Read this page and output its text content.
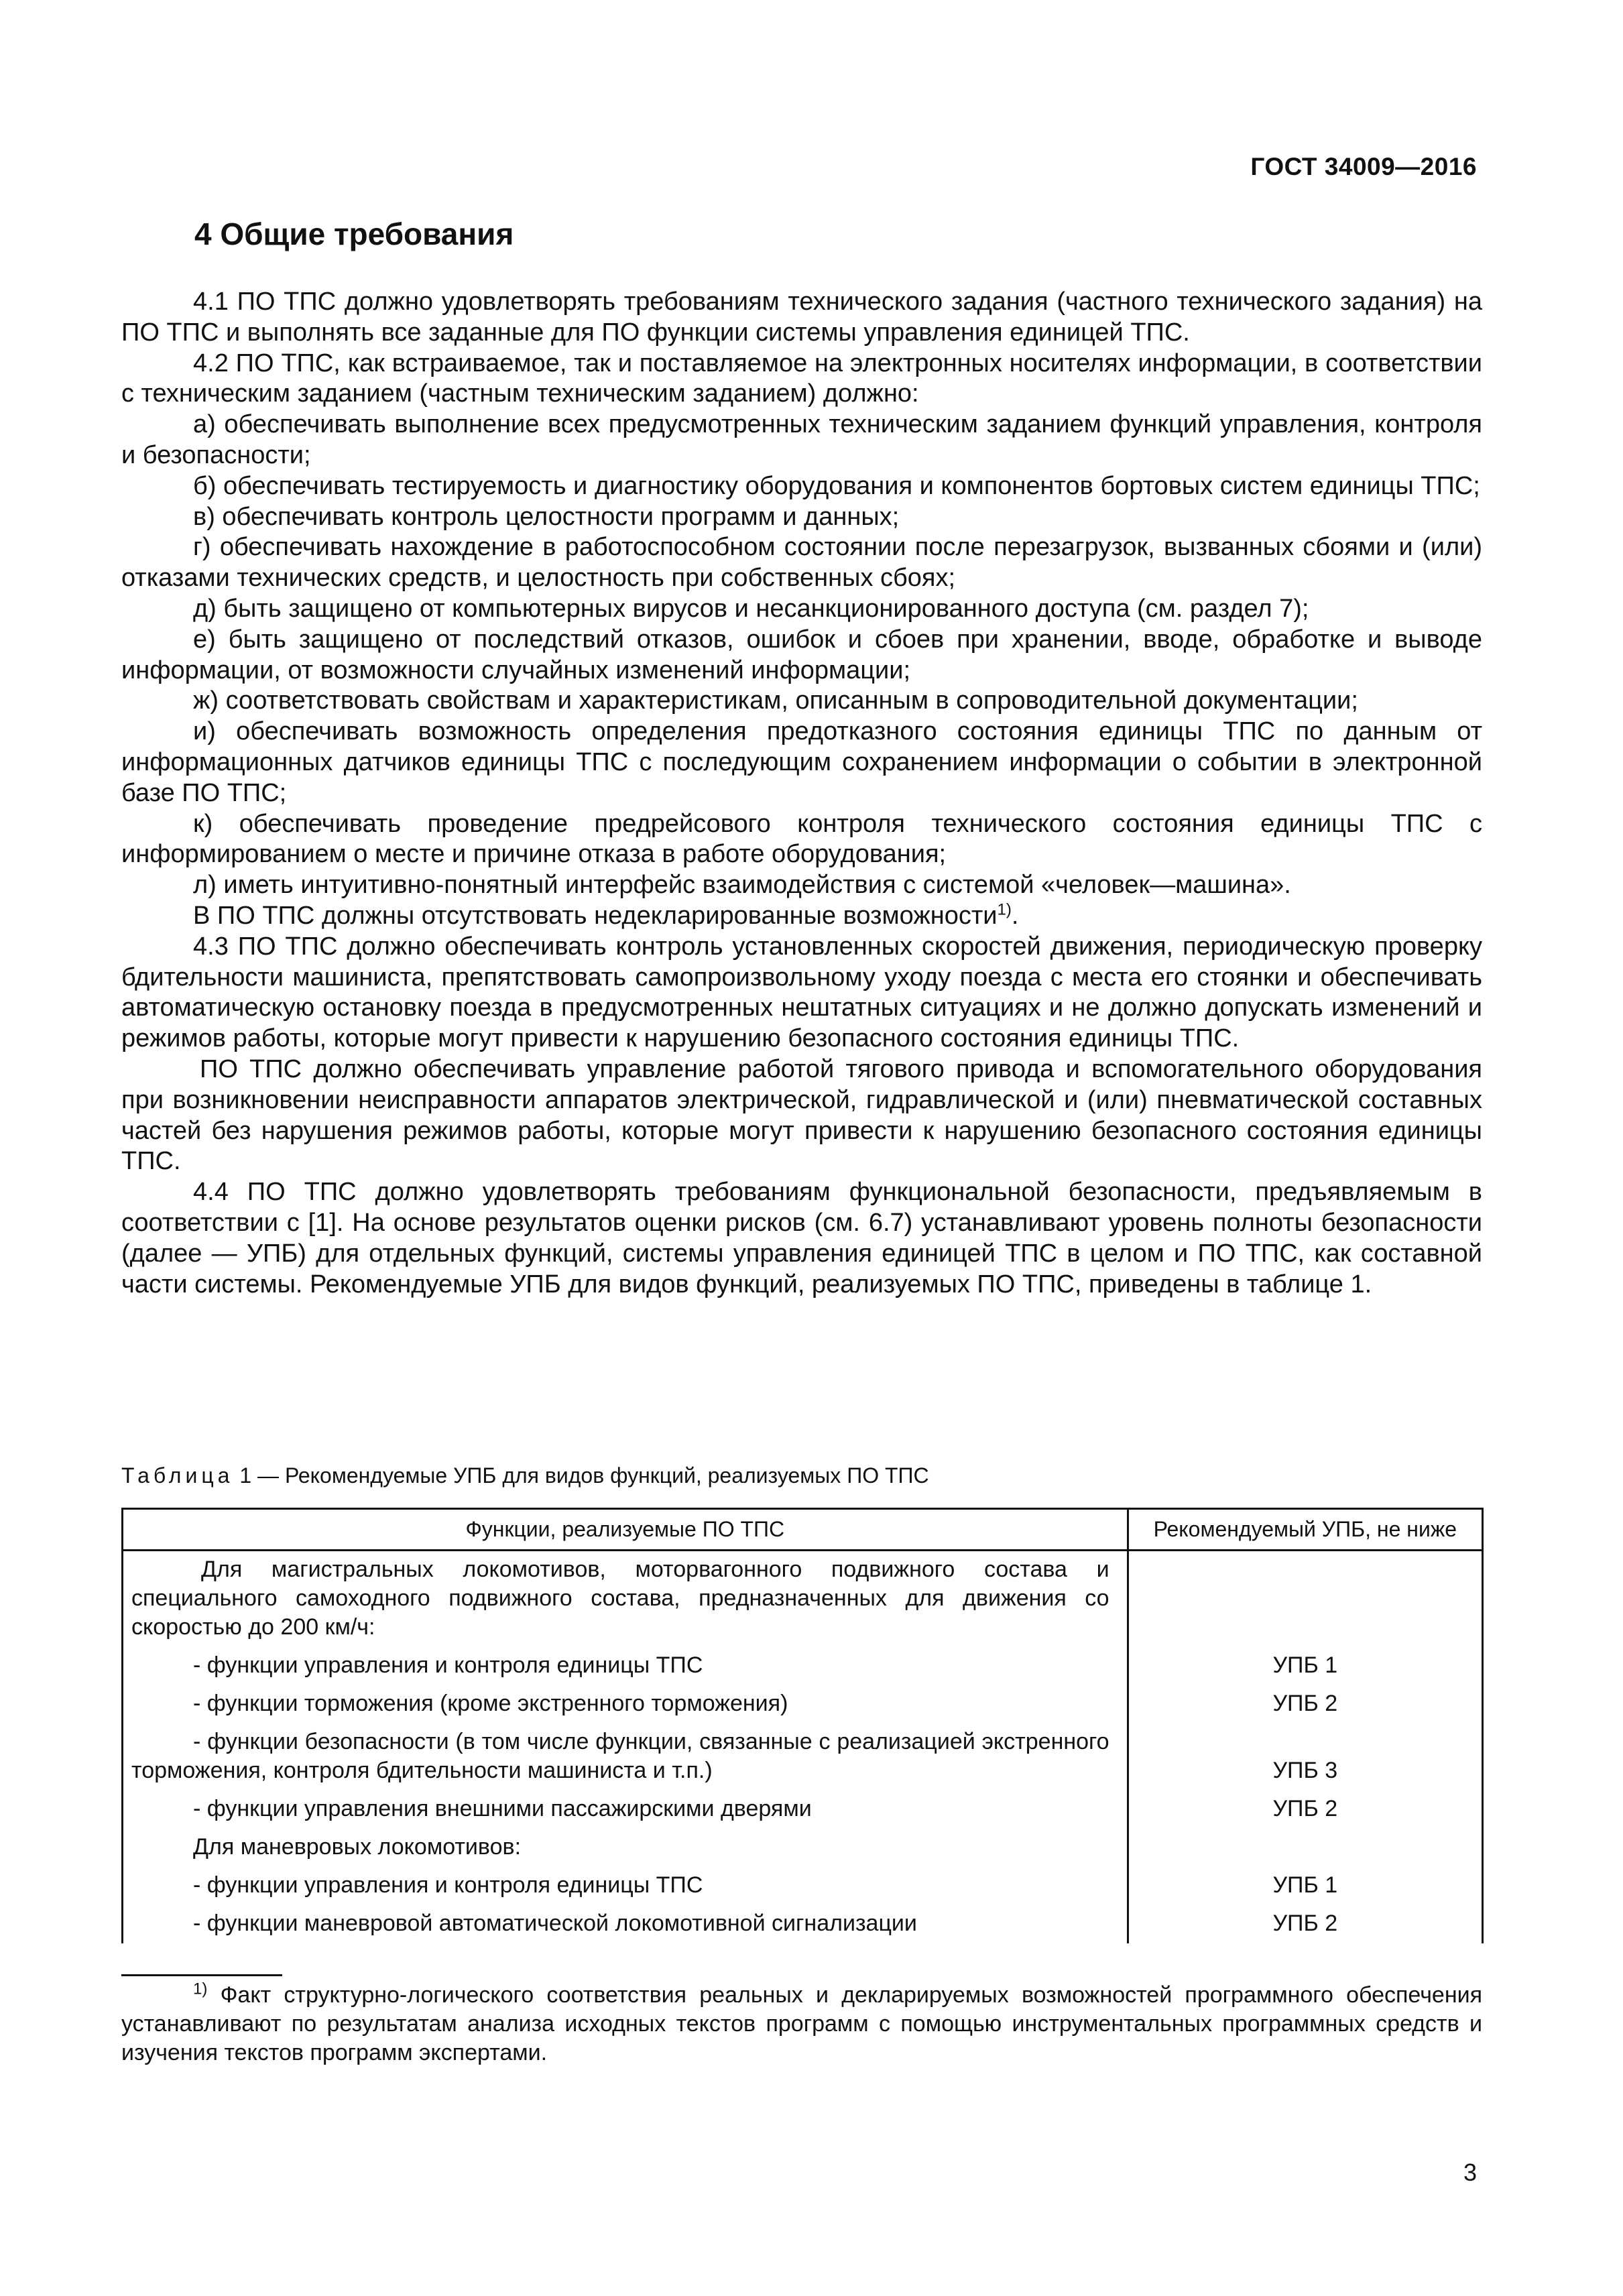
ГОСТ 34009—2016
4 Общие требования

4.1 ПО ТПС должно удовлетворять требованиям технического задания (частного технического задания) на ПО ТПС и выполнять все заданные для ПО функции системы управления единицей ТПС.

4.2 ПО ТПС, как встраиваемое, так и поставляемое на электронных носителях информации, в соответствии с техническим заданием (частным техническим заданием) должно:

а) обеспечивать выполнение всех предусмотренных техническим заданием функций управления, контроля и безопасности;

б) обеспечивать тестируемость и диагностику оборудования и компонентов бортовых систем единицы ТПС;

в) обеспечивать контроль целостности программ и данных;

г) обеспечивать нахождение в работоспособном состоянии после перезагрузок, вызванных сбоями и (или) отказами технических средств, и целостность при собственных сбоях;

д) быть защищено от компьютерных вирусов и несанкционированного доступа (см. раздел 7);

е) быть защищено от последствий отказов, ошибок и сбоев при хранении, вводе, обработке и выводе информации, от возможности случайных изменений информации;

ж) соответствовать свойствам и характеристикам, описанным в сопроводительной документации;

и) обеспечивать возможность определения предотказного состояния единицы ТПС по данным от информационных датчиков единицы ТПС с последующим сохранением информации о событии в электронной базе ПО ТПС;

к) обеспечивать проведение предрейсового контроля технического состояния единицы ТПС с информированием о месте и причине отказа в работе оборудования;

л) иметь интуитивно-понятный интерфейс взаимодействия с системой «человек—машина».

В ПО ТПС должны отсутствовать недекларированные возможности$^{1)}$.

4.3 ПО ТПС должно обеспечивать контроль установленных скоростей движения, периодическую проверку бдительности машиниста, препятствовать самопроизвольному уходу поезда с места его стоянки и обеспечивать автоматическую остановку поезда в предусмотренных нештатных ситуациях и не должно допускать изменений и режимов работы, которые могут привести к нарушению безопасного состояния единицы ТПС.

ПО ТПС должно обеспечивать управление работой тягового привода и вспомогательного оборудования при возникновении неисправности аппаратов электрической, гидравлической и (или) пневматической составных частей без нарушения режимов работы, которые могут привести к нарушению безопасного состояния единицы ТПС.

4.4 ПО ТПС должно удовлетворять требованиям функциональной безопасности, предъявляемым в соответствии с [1]. На основе результатов оценки рисков (см. 6.7) устанавливают уровень полноты безопасности (далее — УПБ) для отдельных функций, системы управления единицей ТПС в целом и ПО ТПС, как составной части системы. Рекомендуемые УПБ для видов функций, реализуемых ПО ТПС, приведены в таблице 1.

Таблица 1 — Рекомендуемые УПБ для видов функций, реализуемых ПО ТПС
Функции, реализуемые ПО ТПС	Рекомендуемый УПБ, не ниже
Для магистральных локомотивов, моторвагонного подвижного состава и специального самоходного подвижного состава, предназначенных для движения со скоростью до 200 км/ч:	
- функции управления и контроля единицы ТПС	УПБ 1
- функции торможения (кроме экстренного торможения)	УПБ 2
- функции безопасности (в том числе функции, связанные с реализацией экстренного торможения, контроля бдительности машиниста и т.п.)	УПБ 3
- функции управления внешними пассажирскими дверями	УПБ 2
Для маневровых локомотивов:	
- функции управления и контроля единицы ТПС	УПБ 1
- функции маневровой автоматической локомотивной сигнализации	УПБ 2

$^{1)}$ Факт структурно-логического соответствия реальных и декларируемых возможностей программного обеспечения устанавливают по результатам анализа исходных текстов программ с помощью инструментальных программных средств и изучения текстов программ экспертами.

3
